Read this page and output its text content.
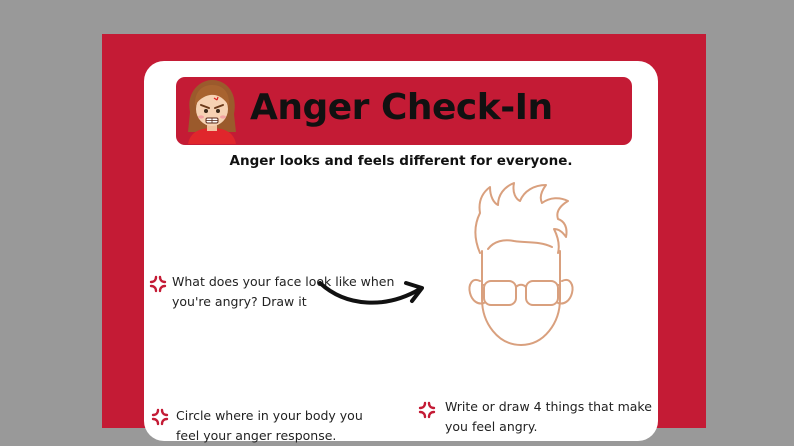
Anger Check-In
Anger looks and feels different for everyone.
What does your face look like when
you're angry? Draw it
Circle where in your body you
feel your anger response.
Write or draw 4 things that make
you feel angry.
